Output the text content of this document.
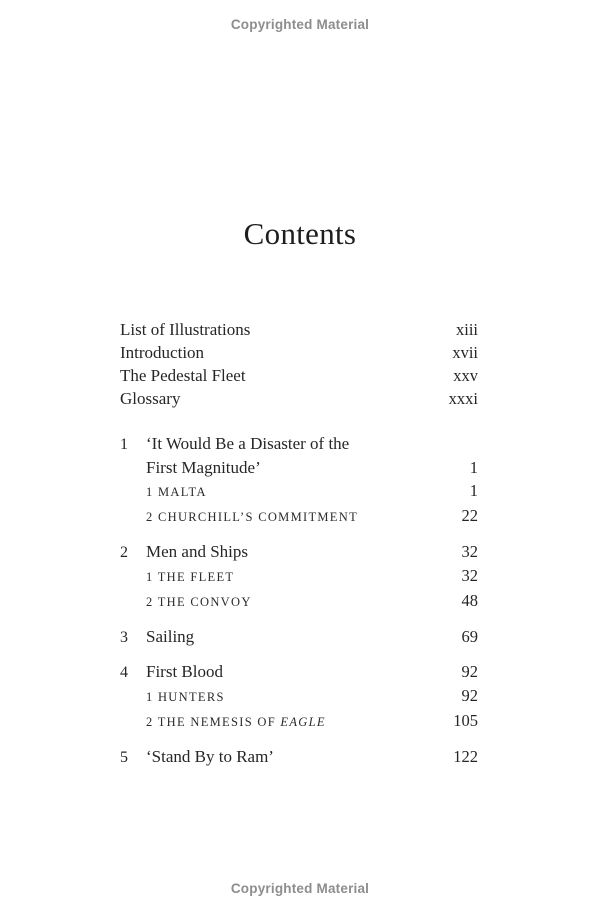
Copyrighted Material
Contents
List of Illustrations	xiii
Introduction	xvii
The Pedestal Fleet	xxv
Glossary	xxxi
1	‘It Would Be a Disaster of the
First Magnitude’	1
1 MALTA	1
2 CHURCHILL’S COMMITMENT	22
2	Men and Ships	32
1 THE FLEET	32
2 THE CONVOY	48
3	Sailing	69
4	First Blood	92
1 HUNTERS	92
2 THE NEMESIS OF EAGLE	105
5	‘Stand By to Ram’	122
Copyrighted Material
